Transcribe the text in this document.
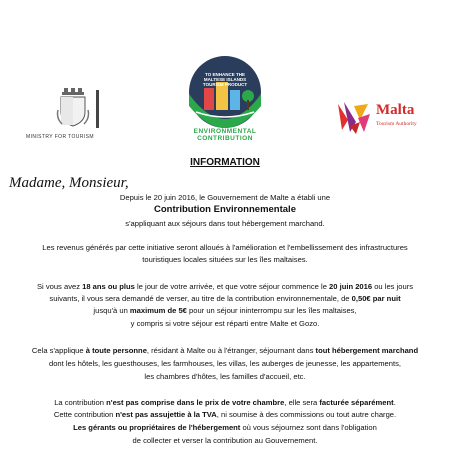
MINISTRY FOR TOURISM
TO ENHANCE THE MALTESE ISLANDS TOURISM PRODUCT
ENVIRONMENTAL
CONTRIBUTION
Malta
Tourism Authority
INFORMATION
Madame, Monsieur,
Depuis le 20 juin 2016, le Gouvernement de Malte a établi une
Contribution Environnementale
s'appliquant aux séjours dans tout hébergement marchand.
Les revenus générés par cette initiative seront alloués à l'amélioration et l'embellissement des infrastructures
touristiques locales situées sur les îles maltaises.
Si vous avez 18 ans ou plus le jour de votre arrivée, et que votre séjour commence le 20 juin 2016 ou les jours
suivants, il vous sera demandé de verser, au titre de la contribution environnementale, de 0,50€ par nuit
jusqu'à un maximum de 5€ pour un séjour ininterrompu sur les îles maltaises,
y compris si votre séjour est réparti entre Malte et Gozo.
Cela s'applique à toute personne, résidant à Malte ou à l'étranger, séjournant dans tout hébergement marchand
dont les hôtels, les guesthouses, les farmhouses, les villas, les auberges de jeunesse, les appartements,
les chambres d'hôtes, les familles d'accueil, etc.
La contribution n'est pas comprise dans le prix de votre chambre, elle sera facturée séparément.
Cette contribution n'est pas assujettie à la TVA, ni soumise à des commissions ou tout autre charge.
Les gérants ou propriétaires de l'hébergement où vous séjournez sont dans l'obligation
de collecter et verser la contribution au Gouvernement.
